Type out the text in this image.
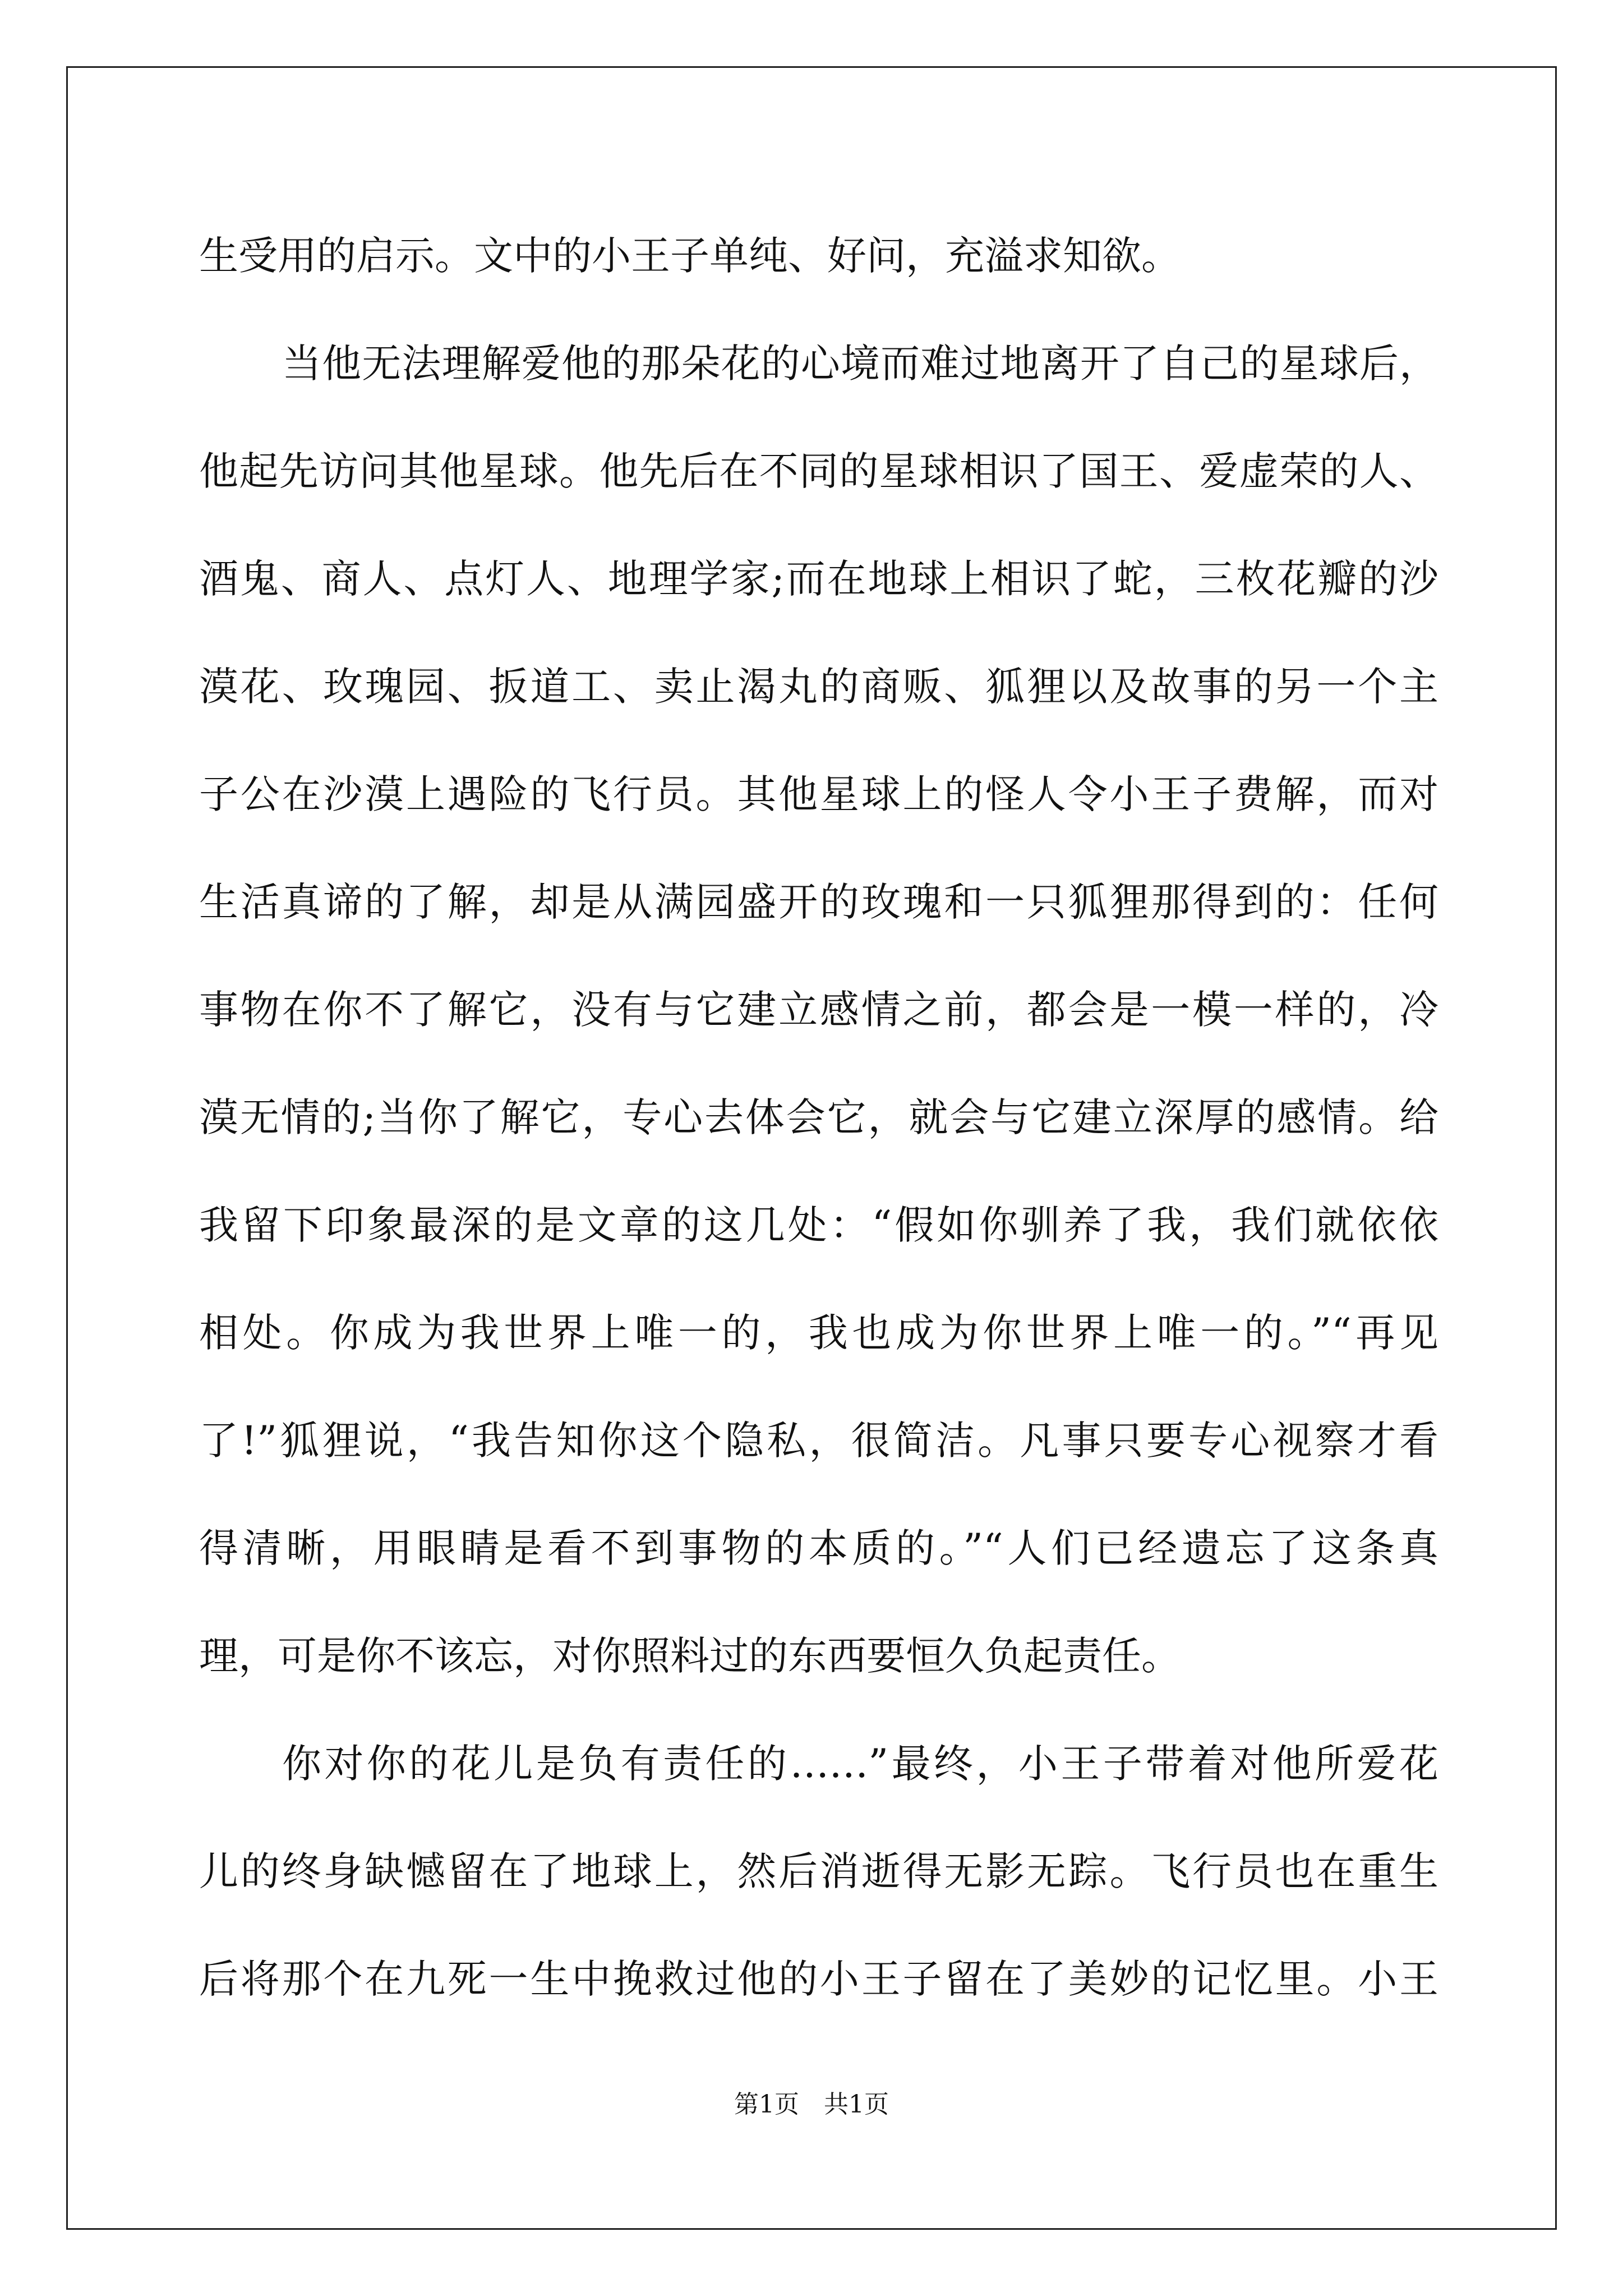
生受用的启示。文中的小王子单纯、好问，充溢求知欲。
当他无法理解爱他的那朵花的心境而难过地离开了自己的星球后，
他起先访问其他星球。他先后在不同的星球相识了国王、爱虚荣的人、
酒鬼、商人、点灯人、地理学家;而在地球上相识了蛇，三枚花瓣的沙
漠花、玫瑰园、扳道工、卖止渴丸的商贩、狐狸以及故事的另一个主
子公在沙漠上遇险的飞行员。其他星球上的怪人令小王子费解，而对
生活真谛的了解，却是从满园盛开的玫瑰和一只狐狸那得到的：任何
事物在你不了解它，没有与它建立感情之前，都会是一模一样的，冷
漠无情的;当你了解它，专心去体会它，就会与它建立深厚的感情。给
我留下印象最深的是文章的这几处：“假如你驯养了我，我们就依依
相处。你成为我世界上唯一的，我也成为你世界上唯一的。”“再见
了!”狐狸说，“我告知你这个隐私，很简洁。凡事只要专心视察才看
得清晰，用眼睛是看不到事物的本质的。”“人们已经遗忘了这条真
理，可是你不该忘，对你照料过的东西要恒久负起责任。
你对你的花儿是负有责任的……”最终，小王子带着对他所爱花
儿的终身缺憾留在了地球上，然后消逝得无影无踪。飞行员也在重生
后将那个在九死一生中挽救过他的小王子留在了美妙的记忆里。小王
第1页　共1页
